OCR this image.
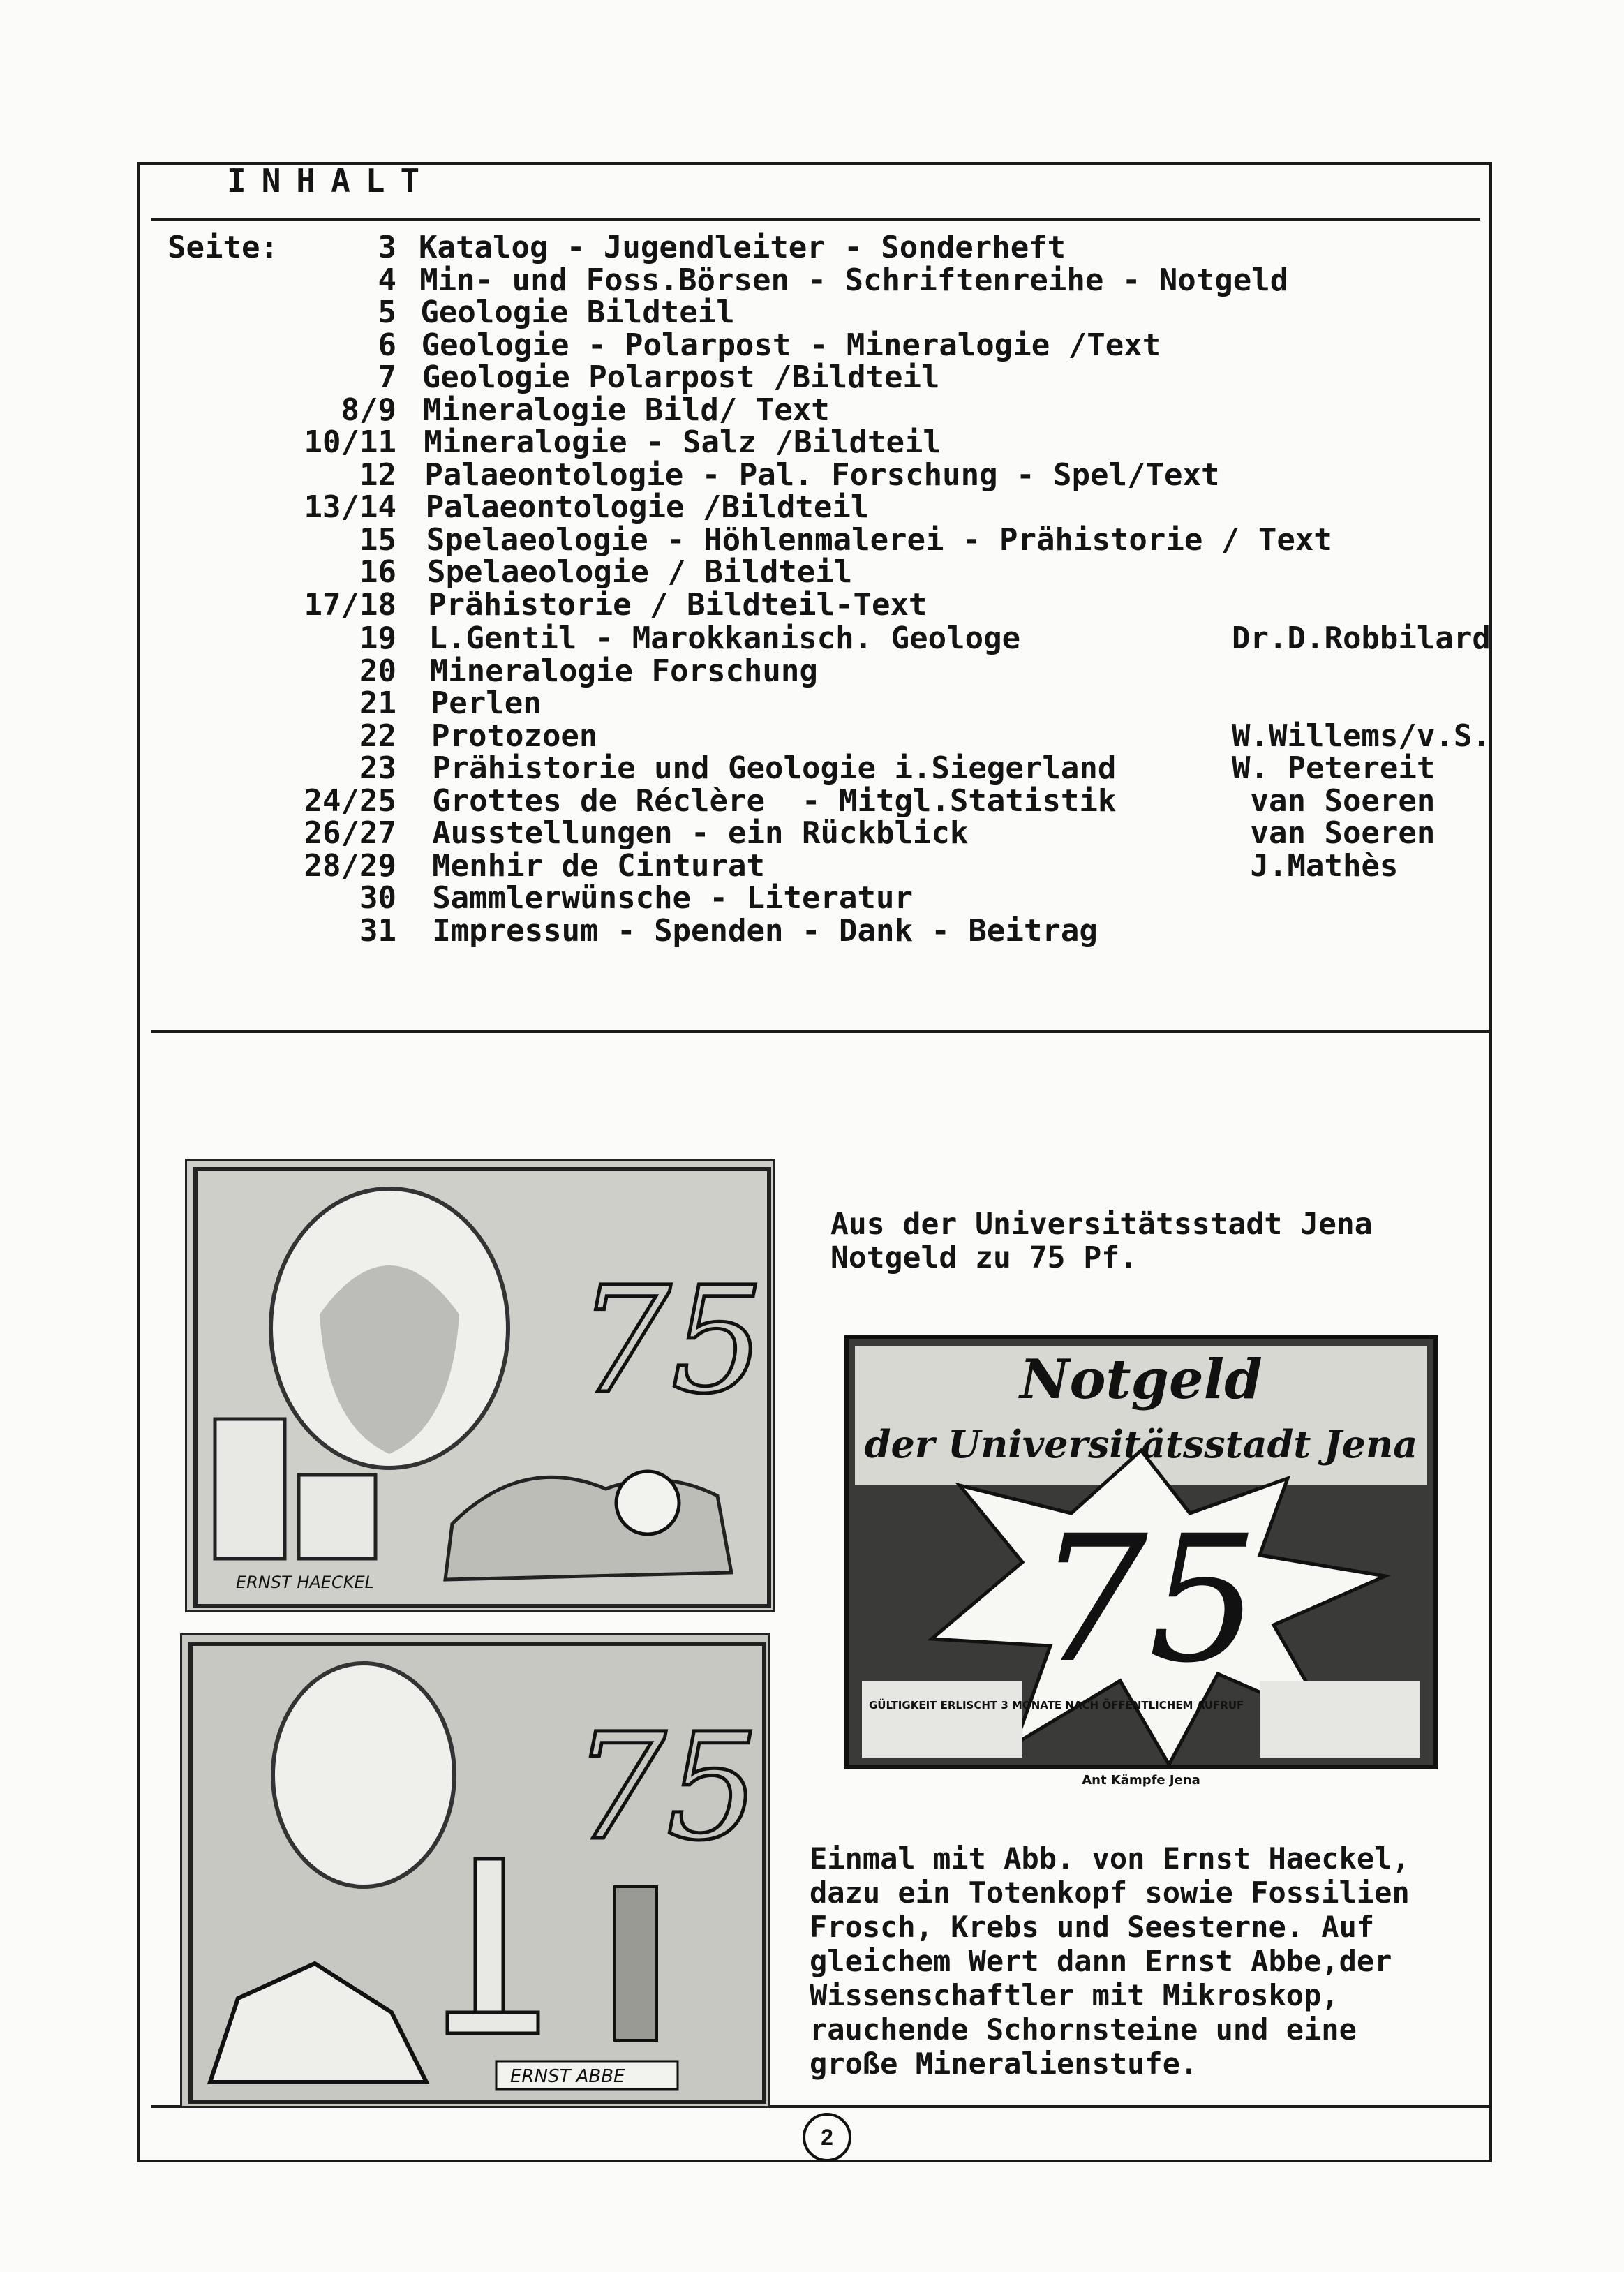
INHALT
Seite:	3 Katalog - Jugendleiter - Sonderheft
4 Min- und Foss.Börsen - Schriftenreihe - Notgeld
5 Geologie Bildteil
6 Geologie - Polarpost - Mineralogie /Text
7 Geologie Polarpost /Bildteil
8/9 Mineralogie Bild/ Text
10/11 Mineralogie - Salz /Bildteil
12 Palaeontologie - Pal. Forschung - Spel/Text
13/14 Palaeontologie /Bildteil
15 Spelaeologie - Höhlenmalerei - Prähistorie / Text
16 Spelaeologie / Bildteil
17/18 Prähistorie / Bildteil-Text
19 L.Gentil - Marokkanisch. Geologe	Dr.D.Robbilard
20 Mineralogie Forschung
21 Perlen
22 Protozoen	W.Willems/v.S.
23 Prähistorie und Geologie i.Siegerland	W. Petereit
24/25 Grottes de Réclère  - Mitgl.Statistik	van Soeren
26/27 Ausstellungen - ein Rückblick	van Soeren
28/29 Menhir de Cinturat	J.Mathès
30 Sammlerwünsche - Literatur
31 Impressum - Spenden - Dank - Beitrag
75
ERNST HAECKEL
75
ERNST ABBE
Aus der Universitätsstadt Jena
Notgeld zu 75 Pf.
Notgeld
der Universitätsstadt Jena
75
GÜLTIGKEIT ERLISCHT 3 MONATE NACH ÖFFENTLICHEM AUFRUF
Ant Kämpfe Jena
Einmal mit Abb. von Ernst Haeckel,
dazu ein Totenkopf sowie Fossilien
Frosch, Krebs und Seesterne. Auf
gleichem Wert dann Ernst Abbe,der
Wissenschaftler mit Mikroskop,
rauchende Schornsteine und eine
große Mineralienstufe.
2
